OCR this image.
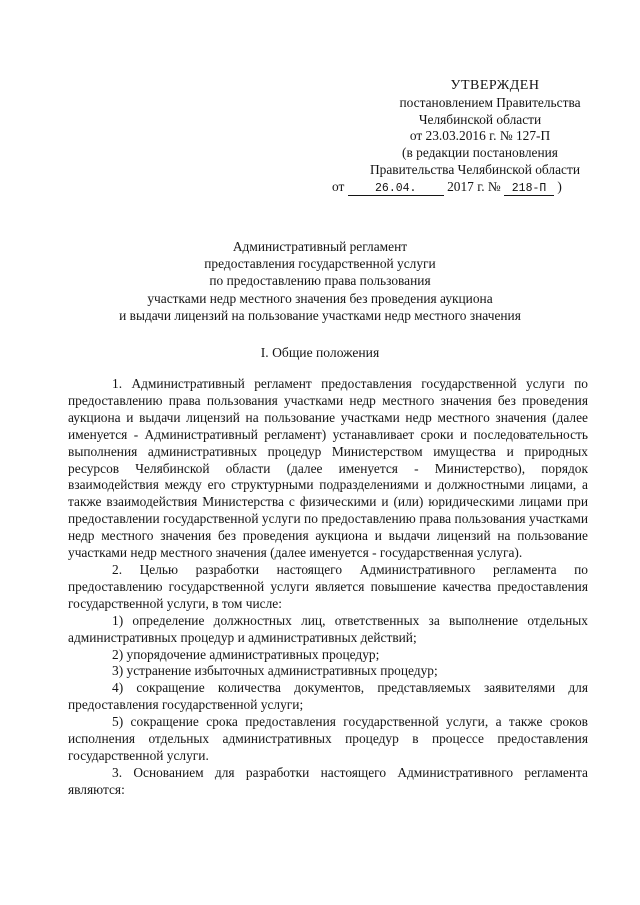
УТВЕРЖДЕН
постановлением Правительства
Челябинской области
от 23.03.2016 г. № 127-П
(в редакции постановления
Правительства Челябинской области
от	26.04. 2017 г. № 218-П )
Административный регламент
предоставления государственной услуги
по предоставлению права пользования
участками недр местного значения без проведения аукциона
и выдачи лицензий на пользование участками недр местного значения
I. Общие положения

1. Административный регламент предоставления государственной услуги по предоставлению права пользования участками недр местного значения без проведения аукциона и выдачи лицензий на пользование участками недр местного значения (далее именуется - Административный регламент) устанавливает сроки и последовательность выполнения административных процедур Министерством имущества и природных ресурсов Челябинской области (далее именуется - Министерство), порядок взаимодействия между его структурными подразделениями и должностными лицами, а также взаимодействия Министерства с физическими и (или) юридическими лицами при предоставлении государственной услуги по предоставлению права пользования участками недр местного значения без проведения аукциона и выдачи лицензий на пользование участками недр местного значения (далее именуется - государственная услуга).

2. Целью разработки настоящего Административного регламента по предоставлению государственной услуги является повышение качества предоставления государственной услуги, в том числе:

1) определение должностных лиц, ответственных за выполнение отдельных административных процедур и административных действий;

2) упорядочение административных процедур;

3) устранение избыточных административных процедур;

4) сокращение количества документов, представляемых заявителями для предоставления государственной услуги;

5) сокращение срока предоставления государственной услуги, а также сроков исполнения отдельных административных процедур в процессе предоставления государственной услуги.

3. Основанием для разработки настоящего Административного регламента являются:
